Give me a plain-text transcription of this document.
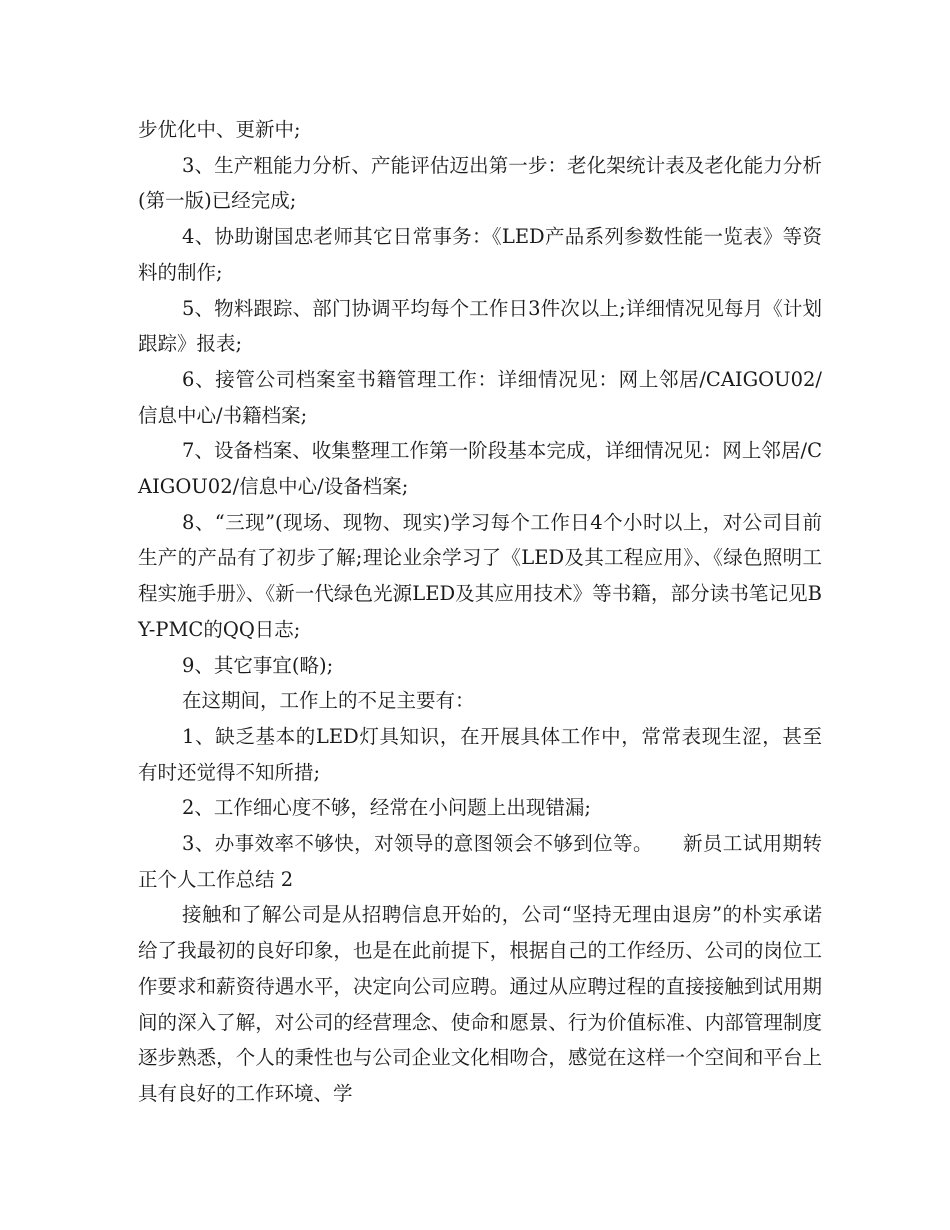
步优化中、更新中;

3、生产粗能力分析、产能评估迈出第一步：老化架统计表及老化能力分析(第一版)已经完成;

4、协助谢国忠老师其它日常事务：《LED产品系列参数性能一览表》等资料的制作;

5、物料跟踪、部门协调平均每个工作日3件次以上;详细情况见每月《计划跟踪》报表;

6、接管公司档案室书籍管理工作：详细情况见：网上邻居/CAIGOU02/信息中心/书籍档案;

7、设备档案、收集整理工作第一阶段基本完成，详细情况见：网上邻居/CAIGOU02/信息中心/设备档案;

8、“三现”(现场、现物、现实)学习每个工作日4个小时以上，对公司目前生产的产品有了初步了解;理论业余学习了《LED及其工程应用》、《绿色照明工程实施手册》、《新一代绿色光源LED及其应用技术》等书籍，部分读书笔记见BY-PMC的QQ日志;

9、其它事宜(略);

在这期间，工作上的不足主要有：

1、缺乏基本的LED灯具知识，在开展具体工作中，常常表现生涩，甚至有时还觉得不知所措;

2、工作细心度不够，经常在小问题上出现错漏;

3、办事效率不够快，对领导的意图领会不够到位等。　　新员工试用期转正个人工作总结 2

接触和了解公司是从招聘信息开始的，公司“坚持无理由退房”的朴实承诺给了我最初的良好印象，也是在此前提下，根据自己的工作经历、公司的岗位工作要求和薪资待遇水平，决定向公司应聘。通过从应聘过程的直接接触到试用期间的深入了解，对公司的经营理念、使命和愿景、行为价值标准、内部管理制度逐步熟悉，个人的秉性也与公司企业文化相吻合，感觉在这样一个空间和平台上具有良好的工作环境、学
